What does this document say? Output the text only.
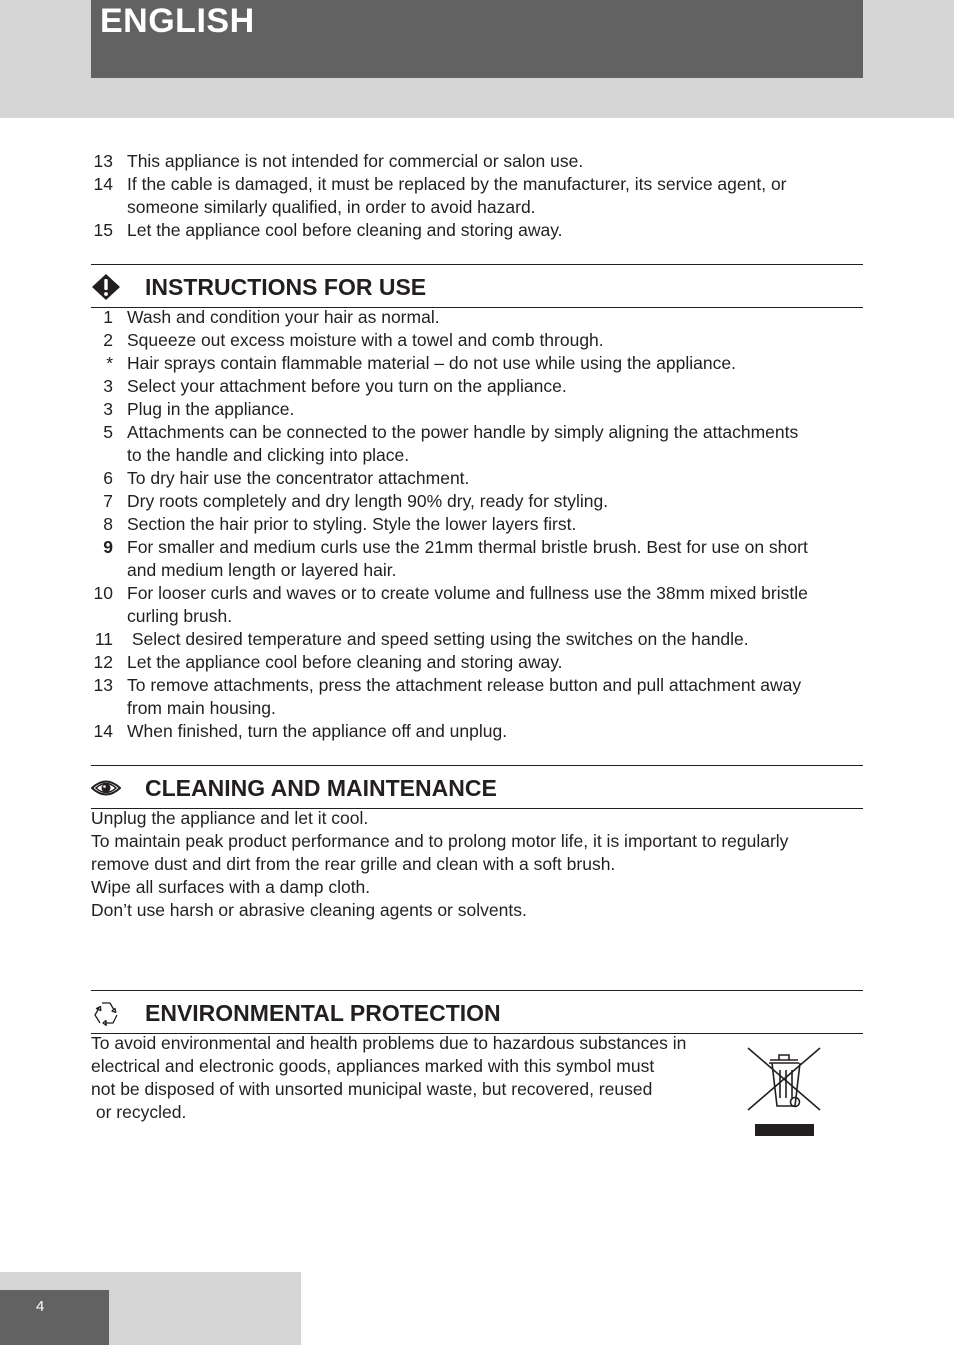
ENGLISH
13 This appliance is not intended for commercial or salon use.
14 If the cable is damaged, it must be replaced by the manufacturer, its service agent, or
someone similarly qualified, in order to avoid hazard.
15 Let the appliance cool before cleaning and storing away.
INSTRUCTIONS FOR USE
1 Wash and condition your hair as normal.
2 Squeeze out excess moisture with a towel and comb through.
* Hair sprays contain flammable material – do not use while using the appliance.
3 Select your attachment before you turn on the appliance.
3 Plug in the appliance.
5 Attachments can be connected to the power handle by simply aligning the attachments
to the handle and clicking into place.
6 To dry hair use the concentrator attachment.
7 Dry roots completely and dry length 90% dry, ready for styling.
8 Section the hair prior to styling. Style the lower layers first.
9 For smaller and medium curls use the 21mm thermal bristle brush. Best for use on short
and medium length or layered hair.
10 For looser curls and waves or to create volume and fullness use the 38mm mixed bristle
curling brush.
11 Select desired temperature and speed setting using the switches on the handle.
12 Let the appliance cool before cleaning and storing away.
13 To remove attachments, press the attachment release button and pull attachment away
from main housing.
14 When finished, turn the appliance off and unplug.
CLEANING AND MAINTENANCE
Unplug the appliance and let it cool.
To maintain peak product performance and to prolong motor life, it is important to regularly
remove dust and dirt from the rear grille and clean with a soft brush.
Wipe all surfaces with a damp cloth.
Don’t use harsh or abrasive cleaning agents or solvents.
ENVIRONMENTAL PROTECTION
To avoid environmental and health problems due to hazardous substances in
electrical and electronic goods, appliances marked with this symbol must
not be disposed of with unsorted municipal waste, but recovered, reused
or recycled.
4
